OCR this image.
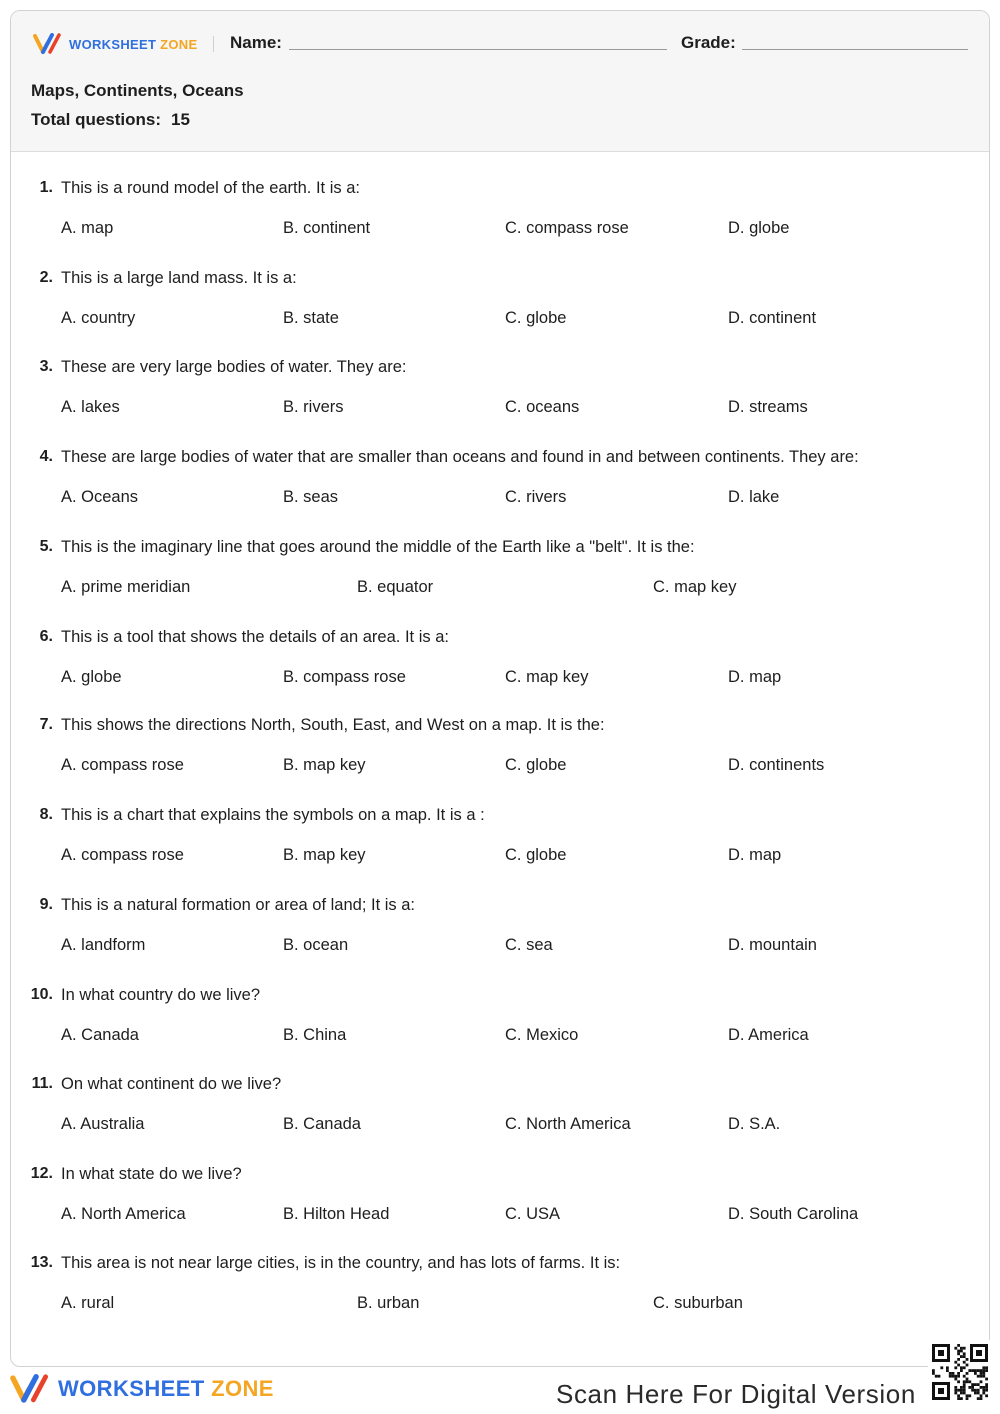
WORKSHEET ZONE Name:	Grade:
Maps, Continents, Oceans
Total questions: 15
1. This is a round model of the earth. It is a:
A. map	B. continent	C. compass rose	D. globe
2. This is a large land mass. It is a:
A. country	B. state	C. globe	D. continent
3. These are very large bodies of water. They are:
A. lakes	B. rivers	C. oceans	D. streams
4. These are large bodies of water that are smaller than oceans and found in and between continents. They are:
A. Oceans	B. seas	C. rivers	D. lake
5. This is the imaginary line that goes around the middle of the Earth like a "belt". It is the:
A. prime meridian	B. equator	C. map key
6. This is a tool that shows the details of an area. It is a:
A. globe	B. compass rose	C. map key	D. map
7. This shows the directions North, South, East, and West on a map. It is the:
A. compass rose	B. map key	C. globe	D. continents
8. This is a chart that explains the symbols on a map. It is a :
A. compass rose	B. map key	C. globe	D. map
9. This is a natural formation or area of land; It is a:
A. landform	B. ocean	C. sea	D. mountain
10. In what country do we live?
A. Canada	B. China	C. Mexico	D. America
11. On what continent do we live?
A. Australia	B. Canada	C. North America	D. S.A.
12. In what state do we live?
A. North America	B. Hilton Head	C. USA	D. South Carolina
13. This area is not near large cities, is in the country, and has lots of farms. It is:
A. rural	B. urban	C. suburban
WORKSHEET ZONE	Scan Here For Digital Version
